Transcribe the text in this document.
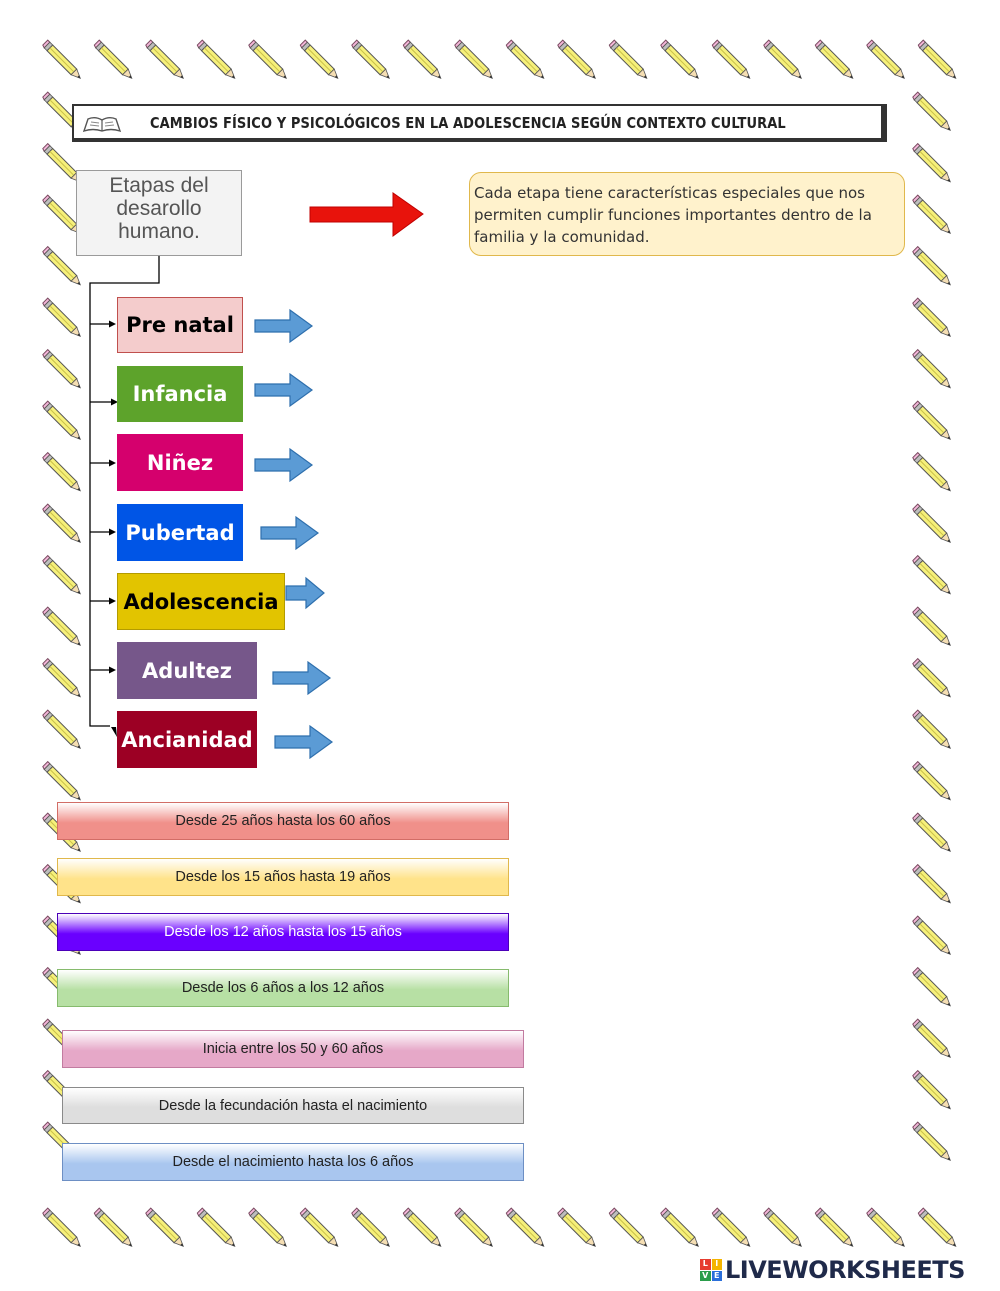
CAMBIOS FÍSICO Y PSICOLÓGICOS EN LA ADOLESCENCIA SEGÚN CONTEXTO CULTURAL
Etapas del desarollo humano.
Cada etapa tiene características especiales que nos permiten cumplir funciones importantes dentro de la familia y la comunidad.
Pre natal
Infancia
Niñez
Pubertad
Adolescencia
Adultez
Ancianidad
Desde 25 años hasta los 60 años
Desde los 15 años hasta 19 años
Desde los 12 años hasta los 15 años
Desde los 6 años a los 12 años
Inicia entre los 50 y 60 años
Desde la fecundación hasta el nacimiento
Desde el nacimiento hasta los 6 años
L I
V E LIVEWORKSHEETS
